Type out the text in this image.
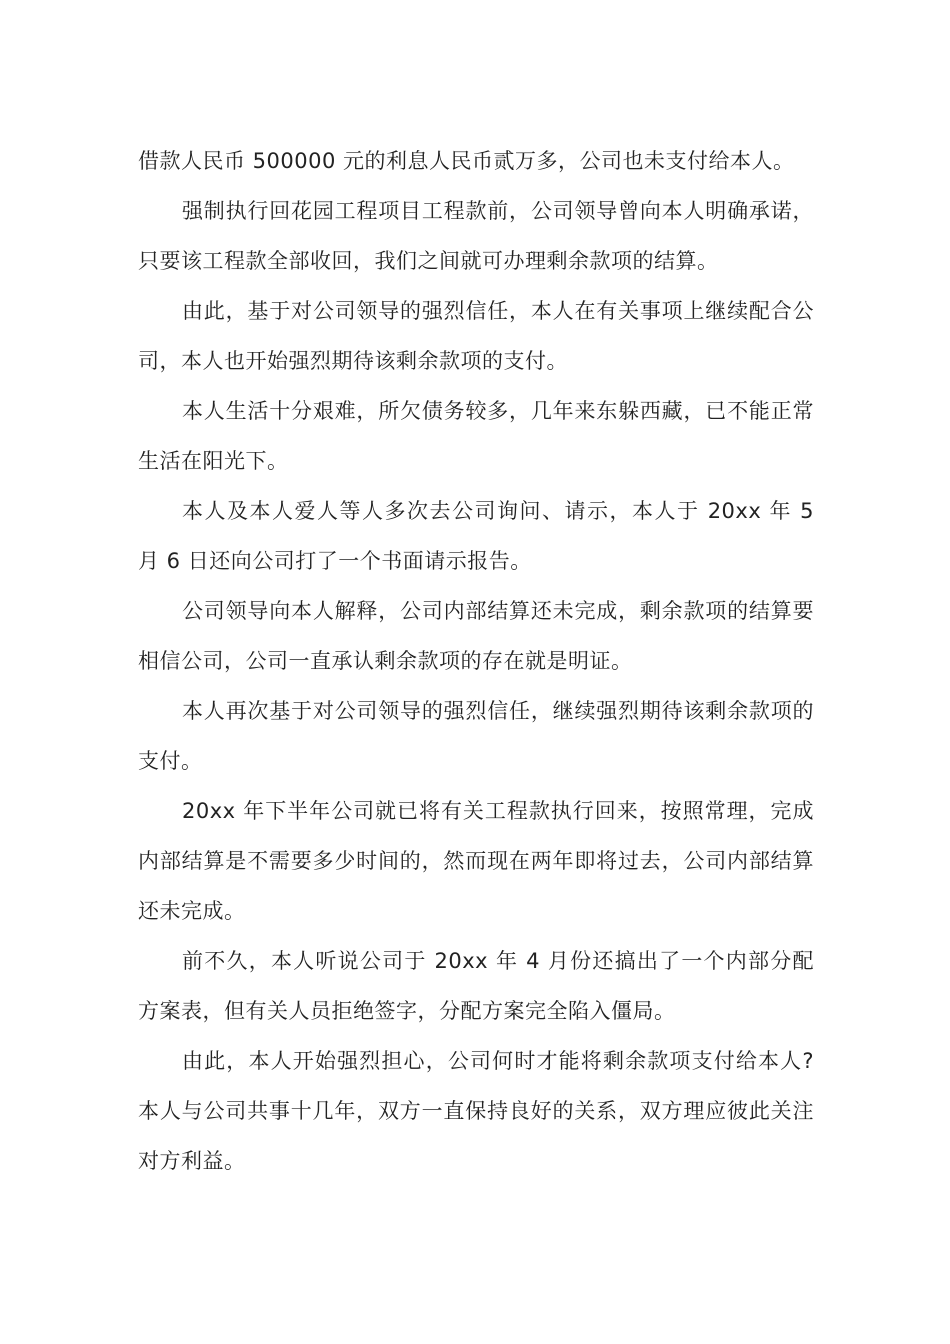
借款人民币 500000 元的利息人民币贰万多，公司也未支付给本人。

强制执行回花园工程项目工程款前，公司领导曾向本人明确承诺，只要该工程款全部收回，我们之间就可办理剩余款项的结算。

由此，基于对公司领导的强烈信任，本人在有关事项上继续配合公司，本人也开始强烈期待该剩余款项的支付。

本人生活十分艰难，所欠债务较多，几年来东躲西藏，已不能正常生活在阳光下。

本人及本人爱人等人多次去公司询问、请示，本人于 20xx 年 5 月 6 日还向公司打了一个书面请示报告。

公司领导向本人解释，公司内部结算还未完成，剩余款项的结算要相信公司，公司一直承认剩余款项的存在就是明证。

本人再次基于对公司领导的强烈信任，继续强烈期待该剩余款项的支付。

20xx 年下半年公司就已将有关工程款执行回来，按照常理，完成内部结算是不需要多少时间的，然而现在两年即将过去，公司内部结算还未完成。

前不久，本人听说公司于 20xx 年 4 月份还搞出了一个内部分配方案表，但有关人员拒绝签字，分配方案完全陷入僵局。

由此，本人开始强烈担心，公司何时才能将剩余款项支付给本人?本人与公司共事十几年，双方一直保持良好的关系，双方理应彼此关注对方利益。
